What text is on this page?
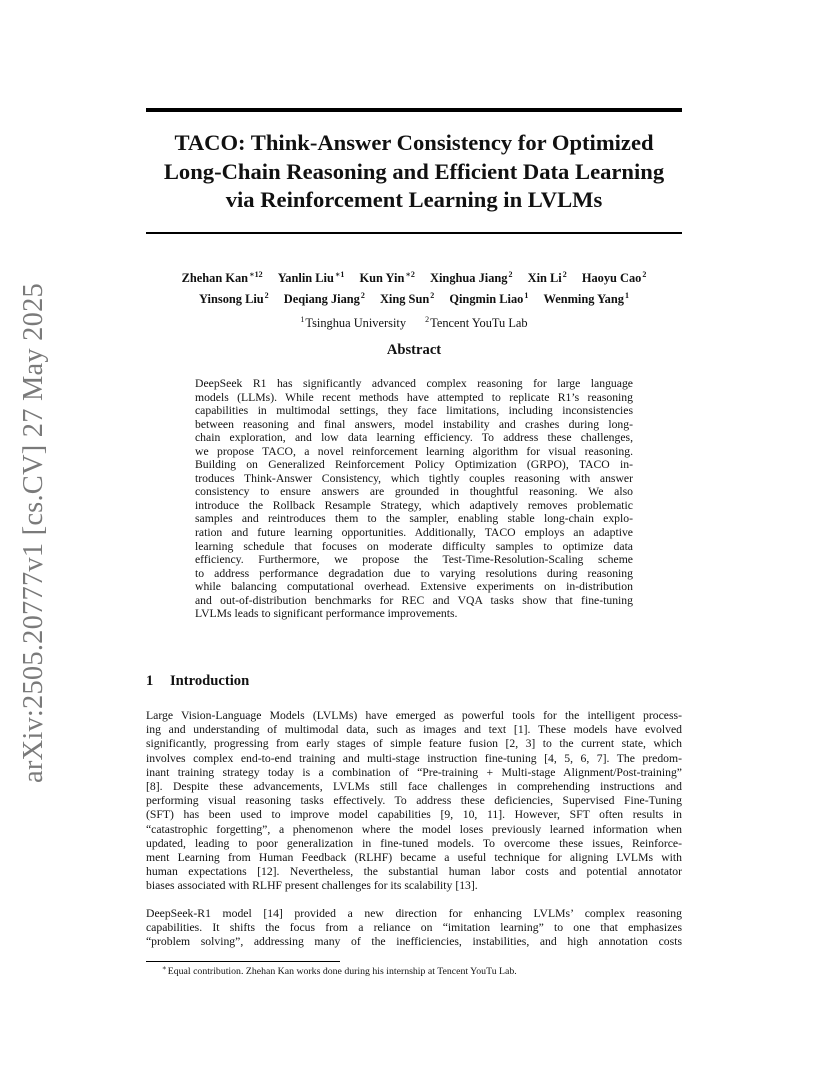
arXiv:2505.20777v1 [cs.CV] 27 May 2025
TACO: Think-Answer Consistency for Optimized
Long-Chain Reasoning and Efficient Data Learning
via Reinforcement Learning in LVLMs
Zhehan Kan$^{∗12}$ Yanlin Liu$^{∗1}$ Kun Yin$^{∗2}$ Xinghua Jiang$^2$ Xin Li$^2$ Haoyu Cao$^2$
Yinsong Liu$^2$ Deqiang Jiang$^2$ Xing Sun$^2$ Qingmin Liao$^1$ Wenming Yang$^1$
$^1$Tsinghua University $^2$Tencent YouTu Lab
Abstract
DeepSeek R1 has significantly advanced complex reasoning for large language
models (LLMs). While recent methods have attempted to replicate R1’s reasoning
capabilities in multimodal settings, they face limitations, including inconsistencies
between reasoning and final answers, model instability and crashes during long-
chain exploration, and low data learning efficiency. To address these challenges,
we propose TACO, a novel reinforcement learning algorithm for visual reasoning.
Building on Generalized Reinforcement Policy Optimization (GRPO), TACO in-
troduces Think-Answer Consistency, which tightly couples reasoning with answer
consistency to ensure answers are grounded in thoughtful reasoning. We also
introduce the Rollback Resample Strategy, which adaptively removes problematic
samples and reintroduces them to the sampler, enabling stable long-chain explo-
ration and future learning opportunities. Additionally, TACO employs an adaptive
learning schedule that focuses on moderate difficulty samples to optimize data
efficiency. Furthermore, we propose the Test-Time-Resolution-Scaling scheme
to address performance degradation due to varying resolutions during reasoning
while balancing computational overhead. Extensive experiments on in-distribution
and out-of-distribution benchmarks for REC and VQA tasks show that fine-tuning
LVLMs leads to significant performance improvements.
1 Introduction
Large Vision-Language Models (LVLMs) have emerged as powerful tools for the intelligent process-
ing and understanding of multimodal data, such as images and text [1]. These models have evolved
significantly, progressing from early stages of simple feature fusion [2, 3] to the current state, which
involves complex end-to-end training and multi-stage instruction fine-tuning [4, 5, 6, 7]. The predom-
inant training strategy today is a combination of “Pre-training + Multi-stage Alignment/Post-training”
[8]. Despite these advancements, LVLMs still face challenges in comprehending instructions and
performing visual reasoning tasks effectively. To address these deficiencies, Supervised Fine-Tuning
(SFT) has been used to improve model capabilities [9, 10, 11]. However, SFT often results in
“catastrophic forgetting”, a phenomenon where the model loses previously learned information when
updated, leading to poor generalization in fine-tuned models. To overcome these issues, Reinforce-
ment Learning from Human Feedback (RLHF) became a useful technique for aligning LVLMs with
human expectations [12]. Nevertheless, the substantial human labor costs and potential annotator
biases associated with RLHF present challenges for its scalability [13].
DeepSeek-R1 model [14] provided a new direction for enhancing LVLMs’ complex reasoning
capabilities. It shifts the focus from a reliance on “imitation learning” to one that emphasizes
“problem solving”, addressing many of the inefficiencies, instabilities, and high annotation costs
∗Equal contribution. Zhehan Kan works done during his internship at Tencent YouTu Lab.
